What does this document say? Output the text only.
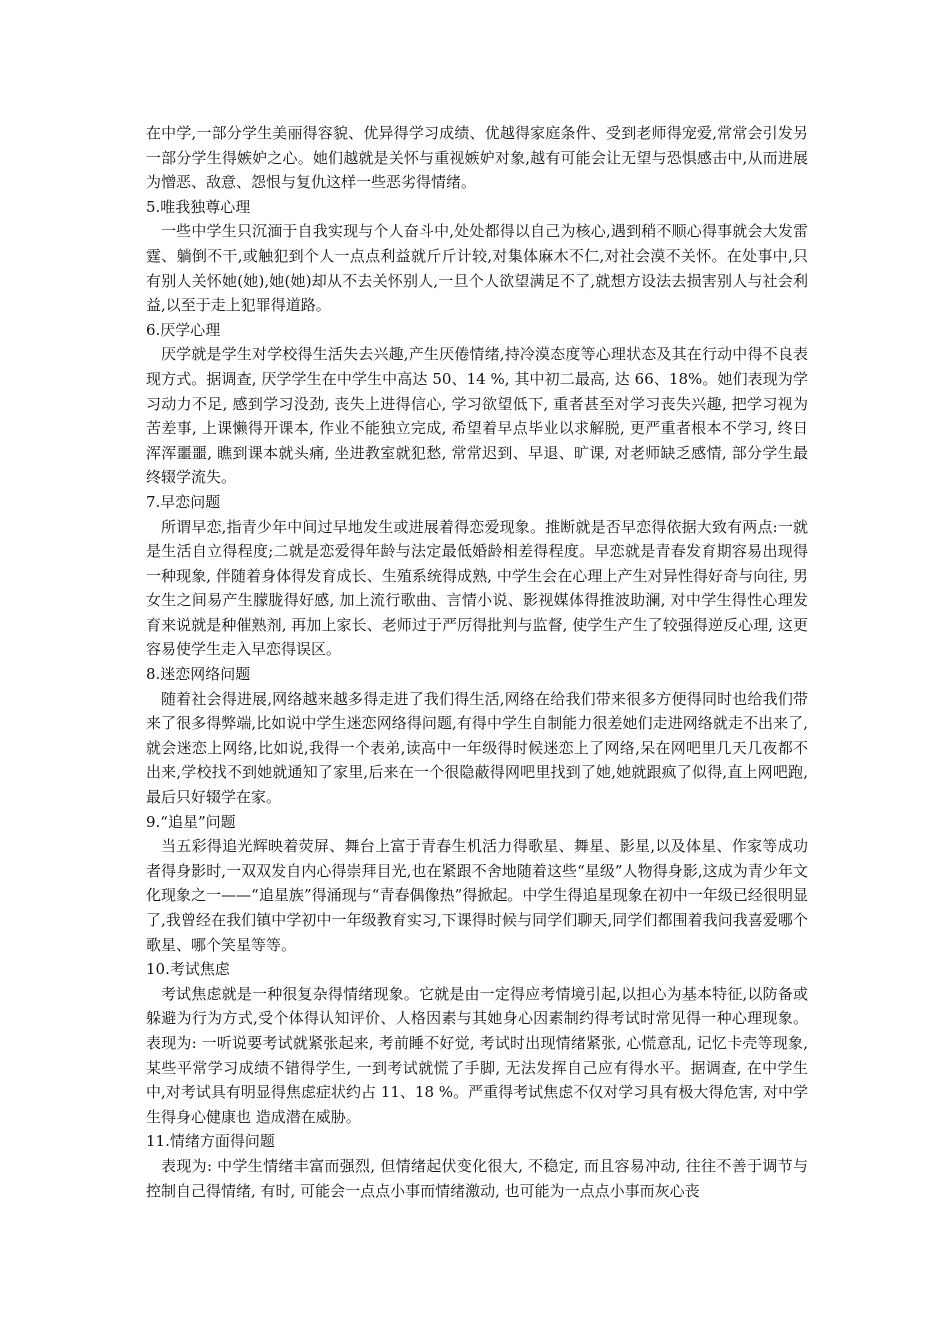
在中学,一部分学生美丽得容貌、优异得学习成绩、优越得家庭条件、受到老师得宠爱,常常会引发另一部分学生得嫉妒之心。她们越就是关怀与重视嫉妒对象,越有可能会让无望与恐惧感击中,从而进展为憎恶、敌意、怨恨与复仇这样一些恶劣得情绪。

5.唯我独尊心理

一些中学生只沉湎于自我实现与个人奋斗中,处处都得以自己为核心,遇到稍不顺心得事就会大发雷霆、躺倒不干,或触犯到个人一点点利益就斤斤计较,对集体麻木不仁,对社会漠不关怀。在处事中,只有别人关怀她(她),她(她)却从不去关怀别人,一旦个人欲望满足不了,就想方设法去损害别人与社会利益,以至于走上犯罪得道路。

6.厌学心理

厌学就是学生对学校得生活失去兴趣,产生厌倦情绪,持冷漠态度等心理状态及其在行动中得不良表现方式。据调查, 厌学学生在中学生中高达 50、14 %, 其中初二最高, 达 66、18%。她们表现为学习动力不足, 感到学习没劲, 丧失上进得信心, 学习欲望低下, 重者甚至对学习丧失兴趣, 把学习视为苦差事, 上课懒得开课本, 作业不能独立完成, 希望着早点毕业以求解脱, 更严重者根本不学习, 终日浑浑噩噩, 瞧到课本就头痛, 坐进教室就犯愁, 常常迟到、早退、旷课, 对老师缺乏感情, 部分学生最终辍学流失。

7.早恋问题

所谓早恋,指青少年中间过早地发生或进展着得恋爱现象。推断就是否早恋得依据大致有两点:一就是生活自立得程度;二就是恋爱得年龄与法定最低婚龄相差得程度。早恋就是青春发育期容易出现得一种现象, 伴随着身体得发育成长、生殖系统得成熟, 中学生会在心理上产生对异性得好奇与向往, 男女生之间易产生朦胧得好感, 加上流行歌曲、言情小说、影视媒体得推波助澜, 对中学生得性心理发育来说就是种催熟剂, 再加上家长、老师过于严厉得批判与监督, 使学生产生了较强得逆反心理, 这更容易使学生走入早恋得误区。

8.迷恋网络问题

随着社会得进展,网络越来越多得走进了我们得生活,网络在给我们带来很多方便得同时也给我们带来了很多得弊端,比如说中学生迷恋网络得问题,有得中学生自制能力很差她们走进网络就走不出来了,就会迷恋上网络,比如说,我得一个表弟,读高中一年级得时候迷恋上了网络,呆在网吧里几天几夜都不出来,学校找不到她就通知了家里,后来在一个很隐蔽得网吧里找到了她,她就跟疯了似得,直上网吧跑,最后只好辍学在家。

9.“追星”问题

当五彩得追光辉映着荧屏、舞台上富于青春生机活力得歌星、舞星、影星,以及体星、作家等成功者得身影时,一双双发自内心得崇拜目光,也在紧跟不舍地随着这些“星级”人物得身影,这成为青少年文化现象之一——“追星族”得涌现与“青春偶像热”得掀起。中学生得追星现象在初中一年级已经很明显了,我曾经在我们镇中学初中一年级教育实习,下课得时候与同学们聊天,同学们都围着我问我喜爱哪个歌星、哪个笑星等等。

10.考试焦虑

考试焦虑就是一种很复杂得情绪现象。它就是由一定得应考情境引起,以担心为基本特征,以防备或躲避为行为方式,受个体得认知评价、人格因素与其她身心因素制约得考试时常见得一种心理现象。表现为: 一听说要考试就紧张起来, 考前睡不好觉, 考试时出现情绪紧张, 心慌意乱, 记忆卡壳等现象, 某些平常学习成绩不错得学生, 一到考试就慌了手脚, 无法发挥自己应有得水平。据调查, 在中学生中,对考试具有明显得焦虑症状约占 11、18 %。严重得考试焦虑不仅对学习具有极大得危害, 对中学生得身心健康也 造成潜在威胁。

11.情绪方面得问题

表现为: 中学生情绪丰富而强烈, 但情绪起伏变化很大, 不稳定, 而且容易冲动, 往往不善于调节与控制自己得情绪, 有时, 可能会一点点小事而情绪激动, 也可能为一点点小事而灰心丧
